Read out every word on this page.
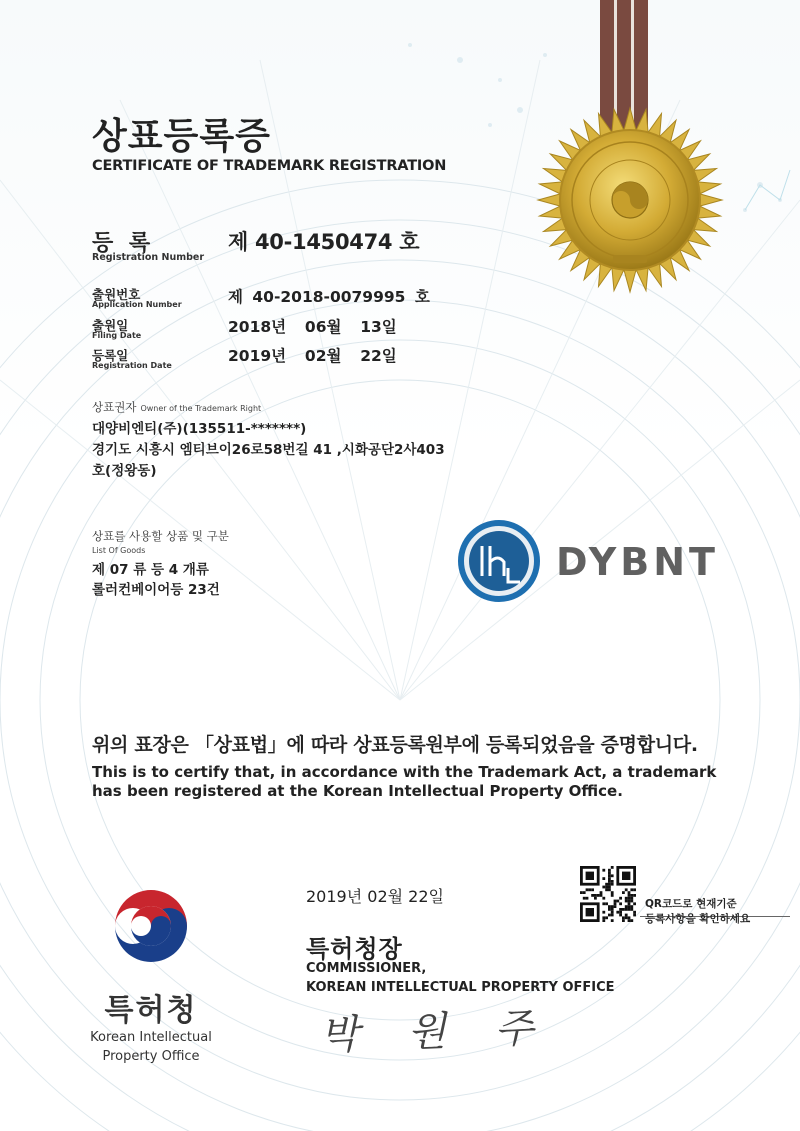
상표등록증
CERTIFICATE OF TRADEMARK REGISTRATION
등 록
Registration Number
제 40-1450474 호
출원번호
Application Number	제 40-2018-0079995 호
출원일
Filing Date	2018년  06월  13일
등록일
Registration Date
2019년  02월  22일
상표권자 Owner of the Trademark Right
대양비엔티(주)(135511-*******)
경기도 시흥시 엠티브이26로58번길 41 ,시화공단2사403
호(정왕동)
상표를 사용할 상품 및 구분
List Of Goods
제 07 류 등 4 개류
롤러컨베이어등 23건
DYBNT
위의 표장은 「상표법」에 따라 상표등록원부에 등록되었음을 증명합니다.
This is to certify that, in accordance with the Trademark Act, a trademark
has been registered at the Korean Intellectual Property Office.
특허청
Korean Intellectual
Property Office
2019년 02월 22일
특허청장
COMMISSIONER,
KOREAN INTELLECTUAL PROPERTY OFFICE
박 원 주
QR코드로 현재기준
등록사항을 확인하세요
